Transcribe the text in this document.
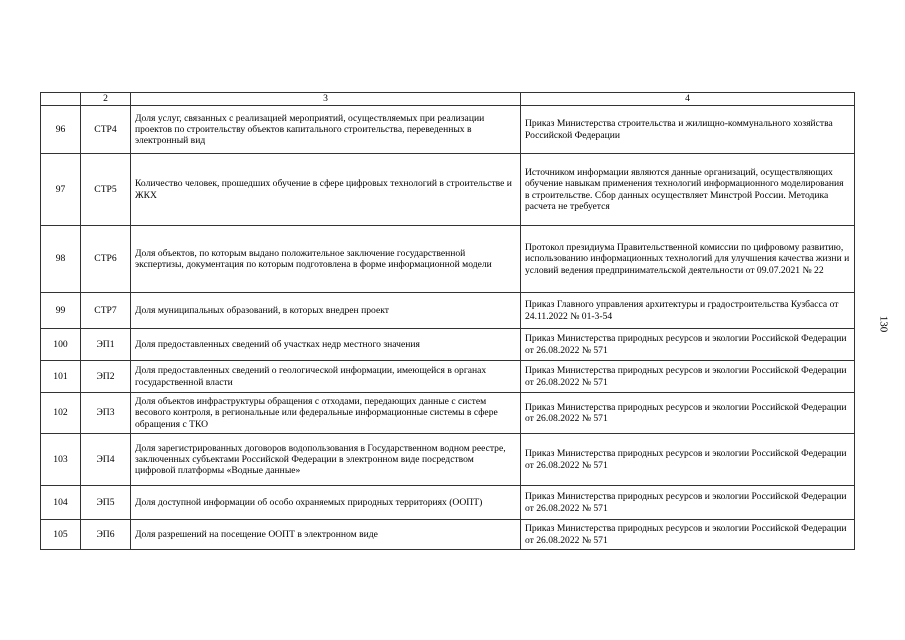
	2	3	4
96	СТР4	Доля услуг, связанных с реализацией мероприятий, осуществляемых при реализации проектов по строительству объектов капитального строительства, переведенных в электронный вид	Приказ Министерства строительства и жилищно-коммунального хозяйства Российской Федерации
97	СТР5	Количество человек, прошедших обучение в сфере цифровых технологий в строительстве и ЖКХ	Источником информации являются данные организаций, осуществляющих обучение навыкам применения технологий информационного моделирования в строительстве. Сбор данных осуществляет Минстрой России. Методика расчета не требуется
98	СТР6	Доля объектов, по которым выдано положительное заключение государственной экспертизы, документация по которым подготовлена в форме информационной модели	Протокол президиума Правительственной комиссии по цифровому развитию, использованию информационных технологий для улучшения качества жизни и условий ведения предпринимательской деятельности от 09.07.2021 № 22
99	СТР7	Доля муниципальных образований, в которых внедрен проект	Приказ Главного управления архитектуры и градостроительства Кузбасса от 24.11.2022 № 01-3-54
100	ЭП1	Доля предоставленных сведений об участках недр местного значения	Приказ Министерства природных ресурсов и экологии Российской Федерации от 26.08.2022 № 571
101	ЭП2	Доля предоставленных сведений о геологической информации, имеющейся в органах государственной власти	Приказ Министерства природных ресурсов и экологии Российской Федерации от 26.08.2022 № 571
102	ЭП3	Доля объектов инфраструктуры обращения с отходами, передающих данные с систем весового контроля, в региональные или федеральные информационные системы в сфере обращения с ТКО	Приказ Министерства природных ресурсов и экологии Российской Федерации от 26.08.2022 № 571
103	ЭП4	Доля зарегистрированных договоров водопользования в Государственном водном реестре, заключенных субъектами Российской Федерации в электронном виде посредством цифровой платформы «Водные данные»	Приказ Министерства природных ресурсов и экологии Российской Федерации от 26.08.2022 № 571
104	ЭП5	Доля доступной информации об особо охраняемых природных территориях (ООПТ)	Приказ Министерства природных ресурсов и экологии Российской Федерации от 26.08.2022 № 571
105	ЭП6	Доля разрешений на посещение ООПТ в электронном виде	Приказ Министерства природных ресурсов и экологии Российской Федерации от 26.08.2022 № 571
130
